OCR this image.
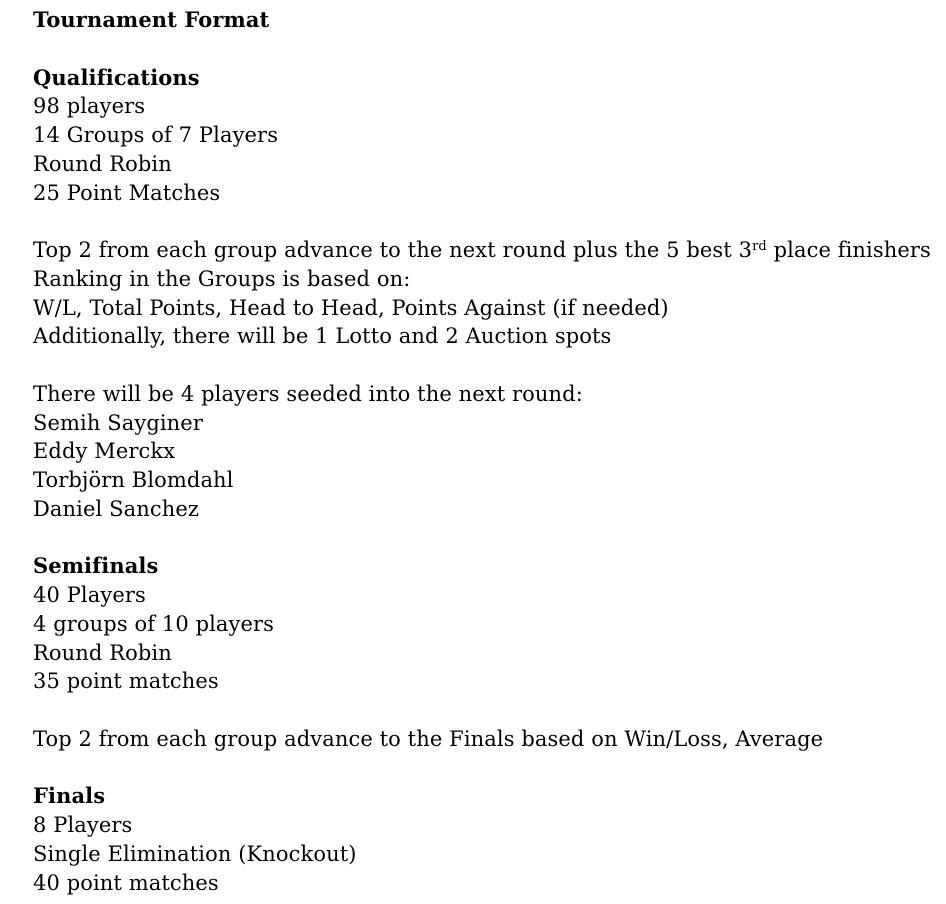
Tournament Format
Qualifications
98 players
14 Groups of 7 Players
Round Robin
25 Point Matches
Top 2 from each group advance to the next round plus the 5 best 3rd place finishers
Ranking in the Groups is based on:
W/L, Total Points, Head to Head, Points Against (if needed)
Additionally, there will be 1 Lotto and 2 Auction spots
There will be 4 players seeded into the next round:
Semih Sayginer
Eddy Merckx
Torbjörn Blomdahl
Daniel Sanchez
Semifinals
40 Players
4 groups of 10 players
Round Robin
35 point matches
Top 2 from each group advance to the Finals based on Win/Loss, Average
Finals
8 Players
Single Elimination (Knockout)
40 point matches
